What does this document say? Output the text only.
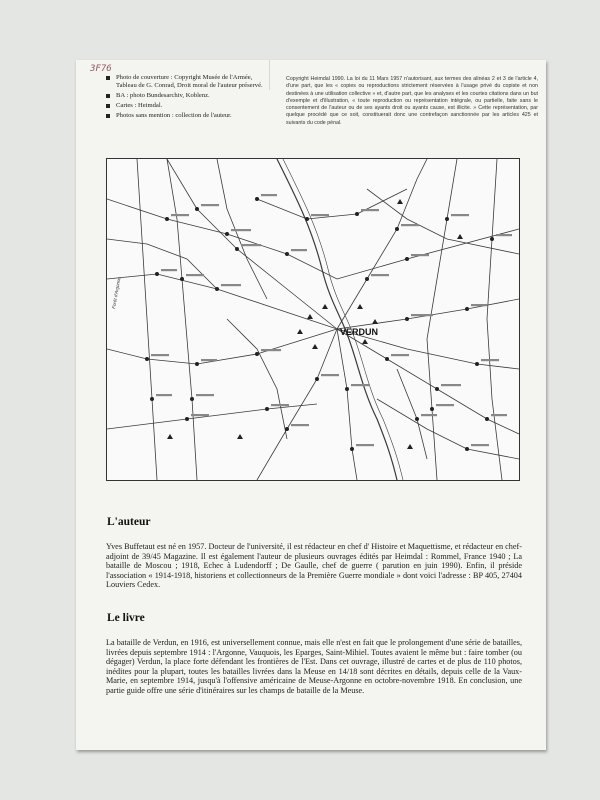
3F76
Photo de couverture : Copyright Musée de l'Armée, Tableau de G. Conrad, Droit moral de l'auteur préservé.
BA : photo Bundesarchiv, Koblenz.
Cartes : Heimdal.
Photos sans mention : collection de l'auteur.
Copyright Heimdal 1990. La loi du 11 Mars 1957 n'autorisant, aux termes des alinéas 2 et 3 de l'article 4, d'une part, que les « copies ou reproductions strictement réservées à l'usage privé du copiste et non destinées à une utilisation collective » et, d'autre part, que les analyses et les courtes citations dans un but d'exemple et d'illustration, « toute reproduction ou représentation intégrale, ou partielle, faite sans le consentement de l'auteur ou de ses ayants droit ou ayants cause, est illicite. » Cette représentation, par quelque procédé que ce soit, constituerait donc une contrefaçon sanctionnée par les articles 425 et suivants du code pénal.
VERDUN
Forêt d'Argonne
L'auteur

Yves Buffetaut est né en 1957. Docteur de l'université, il est rédacteur en chef d' Histoire et Maquettisme, et rédacteur en chef-adjoint de 39/45 Magazine. Il est également l'auteur de plusieurs ouvrages édités par Heimdal : Rommel, France 1940 ; La bataille de Moscou ; 1918, Echec à Ludendorff ; De Gaulle, chef de guerre ( parution en juin 1990). Enfin, il préside l'association « 1914-1918, historiens et collectionneurs de la Première Guerre mondiale » dont voici l'adresse : BP 405, 27404 Louviers Cedex.

Le livre

La bataille de Verdun, en 1916, est universellement connue, mais elle n'est en fait que le prolongement d'une série de batailles, livrées depuis septembre 1914 : l'Argonne, Vauquois, les Eparges, Saint-Mihiel. Toutes avaient le même but : faire tomber (ou dégager) Verdun, la place forte défendant les frontières de l'Est. Dans cet ouvrage, illustré de cartes et de plus de 110 photos, inédites pour la plupart, toutes les batailles livrées dans la Meuse en 14/18 sont décrites en détails, depuis celle de la Vaux-Marie, en septembre 1914, jusqu'à l'offensive américaine de Meuse-Argonne en octobre-novembre 1918. En conclusion, une partie guide offre une série d'itinéraires sur les champs de bataille de la Meuse.
